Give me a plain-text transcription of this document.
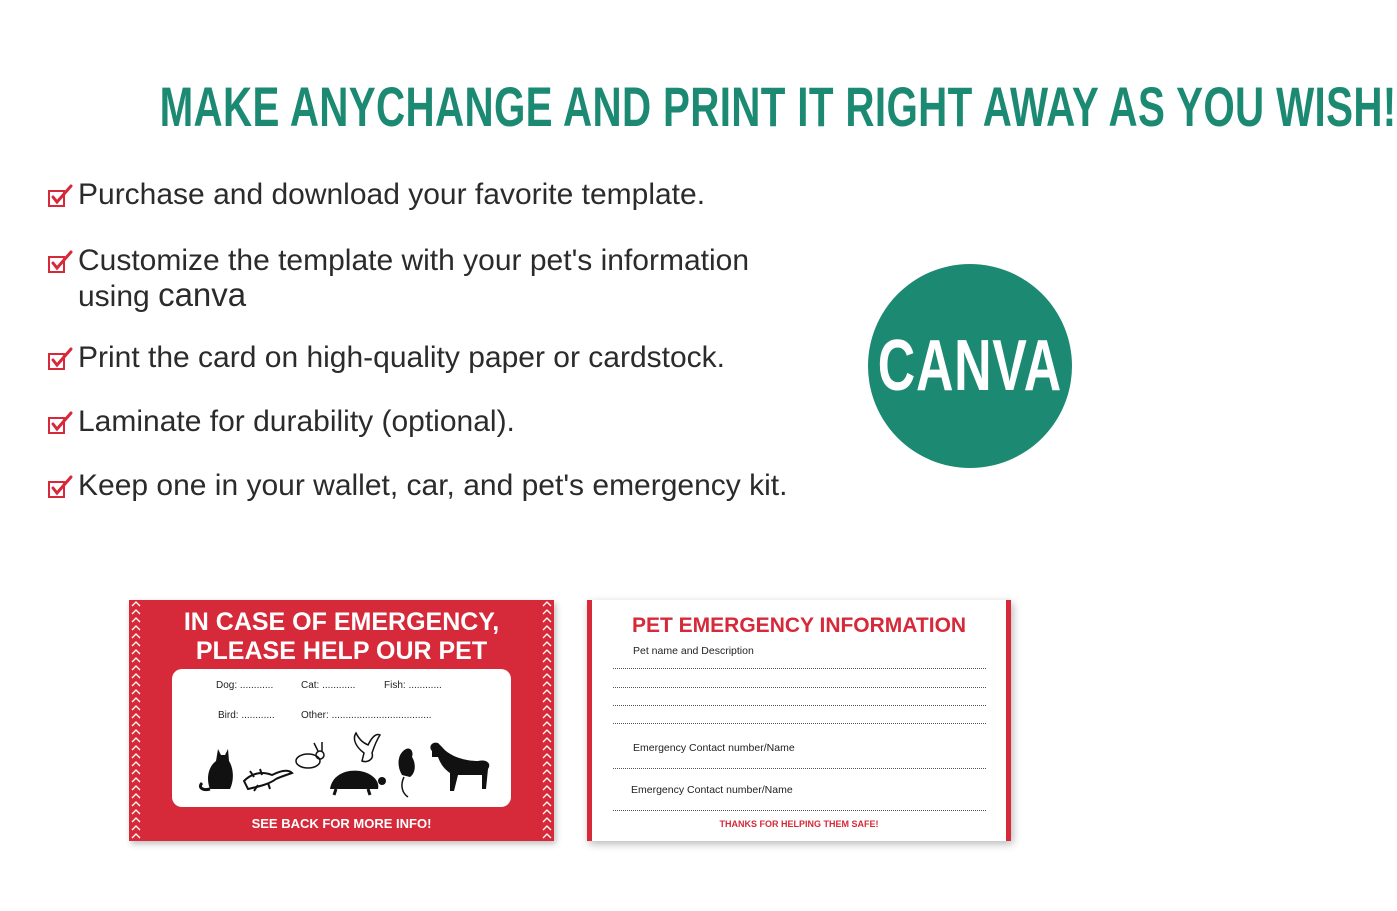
MAKE ANYCHANGE AND PRINT IT RIGHT AWAY AS YOU WISH!
Purchase and download your favorite template.
Customize the template with your pet's information
using canva
Print the card on high-quality paper or cardstock.
Laminate for durability (optional).
Keep one in your wallet, car, and pet's emergency kit.
CANVA
IN CASE OF EMERGENCY,
PLEASE HELP OUR PET
Dog: ............	Cat: ............	Fish: ............
Bird: ............	Other: ....................................
SEE BACK FOR MORE INFO!
PET EMERGENCY INFORMATION
Pet name and Description
Emergency Contact number/Name
Emergency Contact number/Name
THANKS FOR HELPING THEM SAFE!
